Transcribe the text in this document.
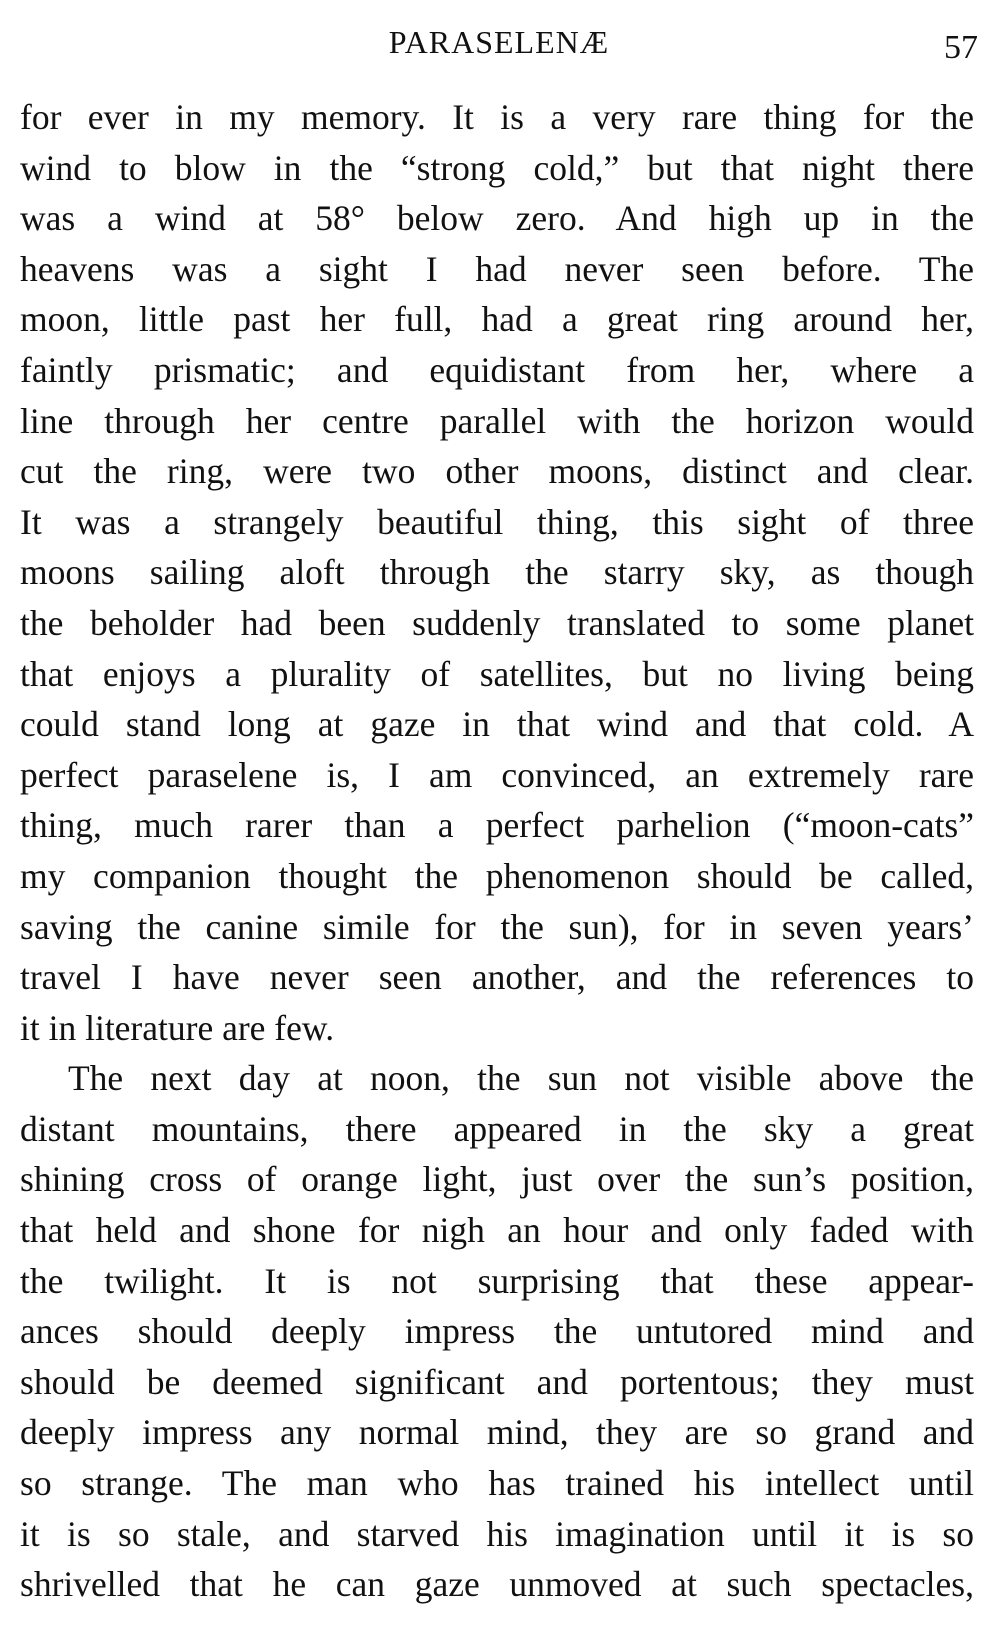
PARASELENÆ	57
for ever in my memory. It is a very rare thing for the
wind to blow in the “strong cold,” but that night there
was a wind at 58° below zero. And high up in the
heavens was a sight I had never seen before. The
moon, little past her full, had a great ring around her,
faintly prismatic; and equidistant from her, where a
line through her centre parallel with the horizon would
cut the ring, were two other moons, distinct and clear.
It was a strangely beautiful thing, this sight of three
moons sailing aloft through the starry sky, as though
the beholder had been suddenly translated to some planet
that enjoys a plurality of satellites, but no living being
could stand long at gaze in that wind and that cold. A
perfect paraselene is, I am convinced, an extremely rare
thing, much rarer than a perfect parhelion (“moon-cats”
my companion thought the phenomenon should be called,
saving the canine simile for the sun), for in seven years’
travel I have never seen another, and the references to
it in literature are few.
The next day at noon, the sun not visible above the
distant mountains, there appeared in the sky a great
shining cross of orange light, just over the sun’s position,
that held and shone for nigh an hour and only faded with
the twilight. It is not surprising that these appear-
ances should deeply impress the untutored mind and
should be deemed significant and portentous; they must
deeply impress any normal mind, they are so grand and
so strange. The man who has trained his intellect until
it is so stale, and starved his imagination until it is so
shrivelled that he can gaze unmoved at such spectacles,
